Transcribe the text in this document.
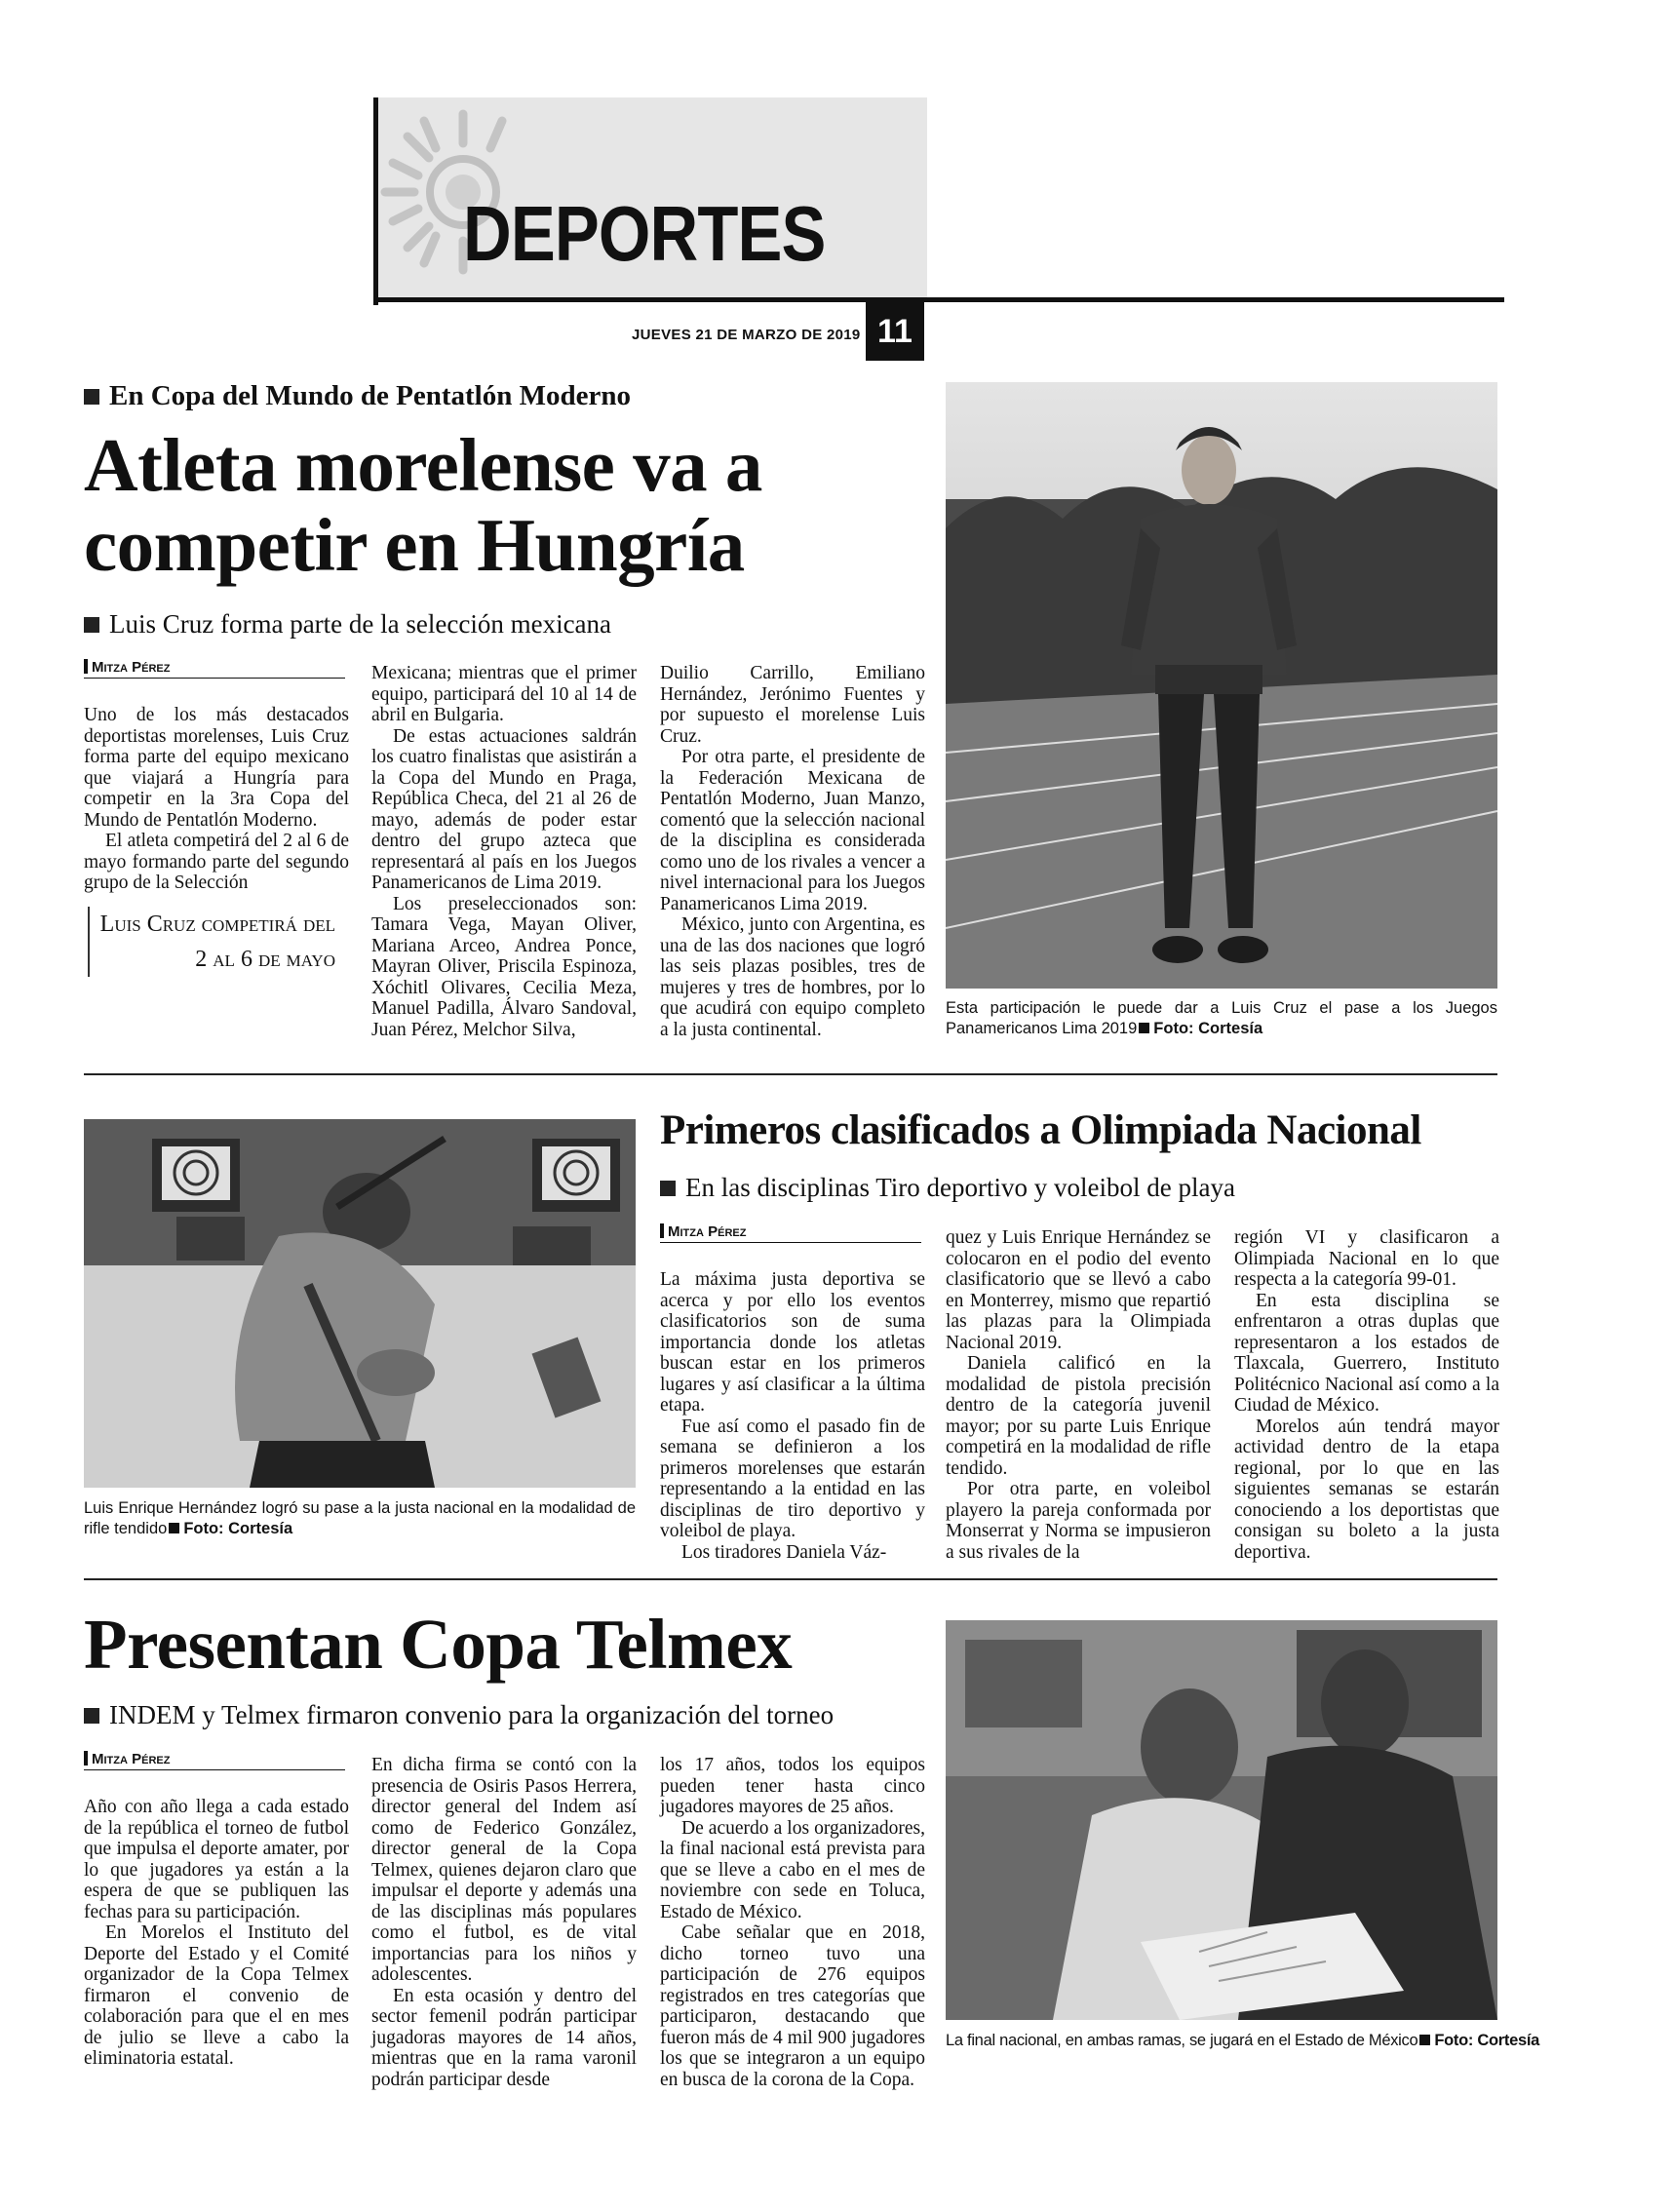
DEPORTES
JUEVES 21 DE MARZO DE 2019 11
En Copa del Mundo de Pentatlón Moderno
Atleta morelense va a
competir en Hungría
Luis Cruz forma parte de la selección mexicana
Mitza Pérez

Uno de los más destacados deportistas morelenses, Luis Cruz forma parte del equipo mexicano que viajará a Hungría para competir en la 3ra Copa del Mundo de Pentatlón Moderno.

El atleta competirá del 2 al 6 de mayo formando parte del segundo grupo de la Selección

Luis Cruz competirá del 2 al 6 de mayo

Mexicana; mientras que el primer equipo, participará del 10 al 14 de abril en Bulgaria.

De estas actuaciones saldrán los cuatro finalistas que asistirán a la Copa del Mundo en Praga, República Checa, del 21 al 26 de mayo, además de poder estar dentro del grupo azteca que representará al país en los Juegos Panamericanos de Lima 2019.

Los preseleccionados son: Tamara Vega, Mayan Oliver, Mariana Arceo, Andrea Ponce, Mayran Oliver, Priscila Espinoza, Xóchitl Olivares, Cecilia Meza, Manuel Padilla, Álvaro Sandoval, Juan Pérez, Melchor Silva,

Duilio Carrillo, Emiliano Hernández, Jerónimo Fuentes y por supuesto el morelense Luis Cruz.

Por otra parte, el presidente de la Federación Mexicana de Pentatlón Moderno, Juan Manzo, comentó que la selección nacional de la disciplina es considerada como uno de los rivales a vencer a nivel internacional para los Juegos Panamericanos Lima 2019.

México, junto con Argentina, es una de las dos naciones que logró las seis plazas posibles, tres de mujeres y tres de hombres, por lo que acudirá con equipo completo a la justa continental.

Esta participación le puede dar a Luis Cruz el pase a los Juegos Panamericanos Lima 2019 Foto: Cortesía
Luis Enrique Hernández logró su pase a la justa nacional en la modalidad de rifle tendido Foto: Cortesía
Primeros clasificados a Olimpiada Nacional
En las disciplinas Tiro deportivo y voleibol de playa
Mitza Pérez

La máxima justa deportiva se acerca y por ello los eventos clasificatorios son de suma importancia donde los atletas buscan estar en los primeros lugares y así clasificar a la última etapa.

Fue así como el pasado fin de semana se definieron a los primeros morelenses que estarán representando a la entidad en las disciplinas de tiro deportivo y voleibol de playa.

Los tiradores Daniela Váz-

quez y Luis Enrique Hernández se colocaron en el podio del evento clasificatorio que se llevó a cabo en Monterrey, mismo que repartió las plazas para la Olimpiada Nacional 2019.

Daniela calificó en la modalidad de pistola precisión dentro de la categoría juvenil mayor; por su parte Luis Enrique competirá en la modalidad de rifle tendido.

Por otra parte, en voleibol playero la pareja conformada por Monserrat y Norma se impusieron a sus rivales de la

región VI y clasificaron a Olimpiada Nacional en lo que respecta a la categoría 99-01.

En esta disciplina se enfrentaron a otras duplas que representaron a los estados de Tlaxcala, Guerrero, Instituto Politécnico Nacional así como a la Ciudad de México.

Morelos aún tendrá mayor actividad dentro de la etapa regional, por lo que en las siguientes semanas se estarán conociendo a los deportistas que consigan su boleto a la justa deportiva.

Presentan Copa Telmex
INDEM y Telmex firmaron convenio para la organización del torneo
Mitza Pérez

Año con año llega a cada estado de la república el torneo de futbol que impulsa el deporte amater, por lo que jugadores ya están a la espera de que se publiquen las fechas para su participación.

En Morelos el Instituto del Deporte del Estado y el Comité organizador de la Copa Telmex firmaron el convenio de colaboración para que el en mes de julio se lleve a cabo la eliminatoria estatal.

En dicha firma se contó con la presencia de Osiris Pasos Herrera, director general del Indem así como de Federico González, director general de la Copa Telmex, quienes dejaron claro que impulsar el deporte y además una de las disciplinas más populares como el futbol, es de vital importancias para los niños y adolescentes.

En esta ocasión y dentro del sector femenil podrán participar jugadoras mayores de 14 años, mientras que en la rama varonil podrán participar desde

los 17 años, todos los equipos pueden tener hasta cinco jugadores mayores de 25 años.

De acuerdo a los organizadores, la final nacional está prevista para que se lleve a cabo en el mes de noviembre con sede en Toluca, Estado de México.

Cabe señalar que en 2018, dicho torneo tuvo una participación de 276 equipos registrados en tres categorías que participaron, destacando que fueron más de 4 mil 900 jugadores los que se integraron a un equipo en busca de la corona de la Copa.

La final nacional, en ambas ramas, se jugará en el Estado de México Foto: Cortesía
